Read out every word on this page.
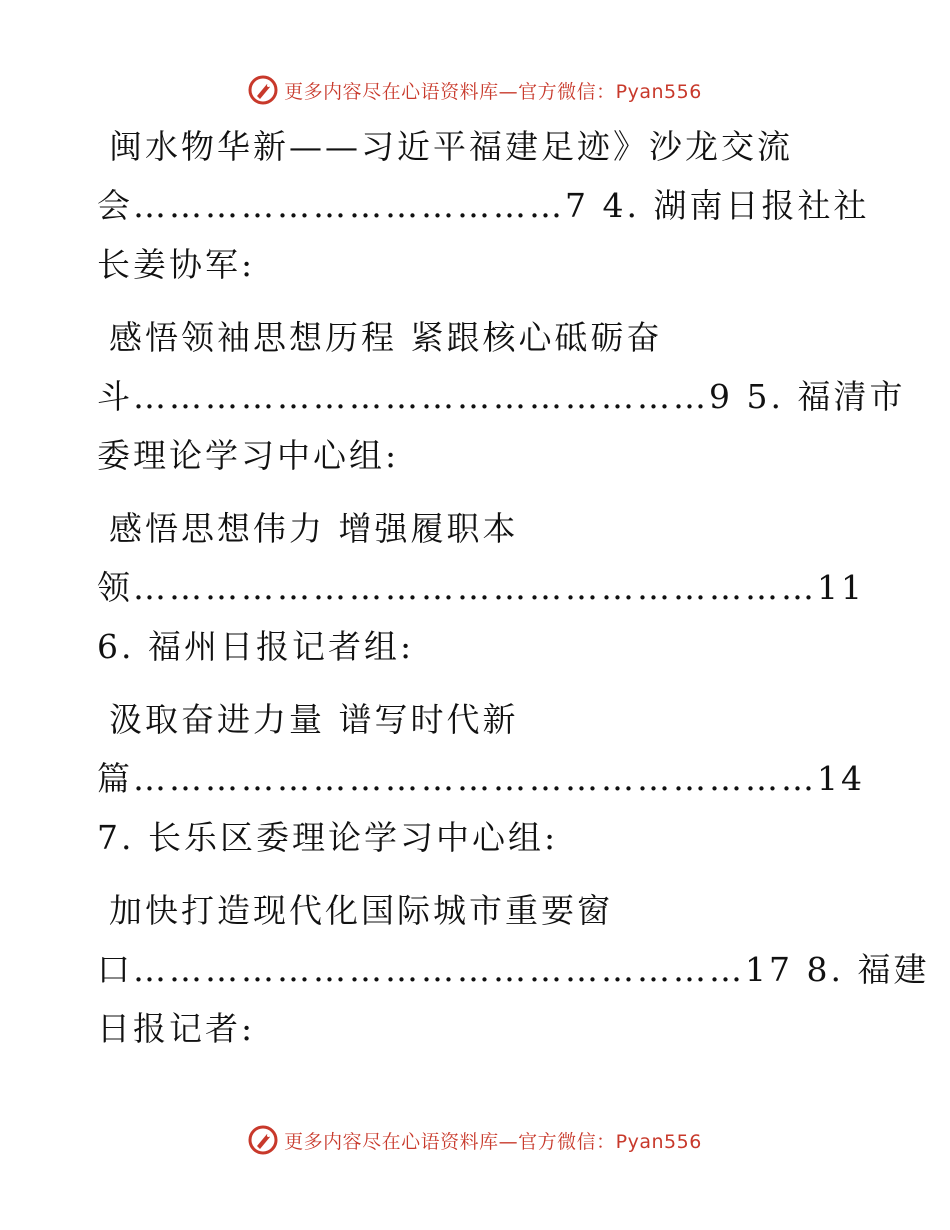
更多内容尽在心语资料库—官方微信：Pyan556
闽水物华新——习近平福建足迹》沙龙交流
会………………………………7 4. 湖南日报社社
长姜协军:
感悟领袖思想历程 紧跟核心砥砺奋
斗…………………………………………9 5. 福清市
委理论学习中心组:
感悟思想伟力 增强履职本
领…………………………………………………11
6. 福州日报记者组:
汲取奋进力量 谱写时代新
篇…………………………………………………14
7. 长乐区委理论学习中心组:
加快打造现代化国际城市重要窗
口……………………………………………17 8. 福建
日报记者:
更多内容尽在心语资料库—官方微信：Pyan556
